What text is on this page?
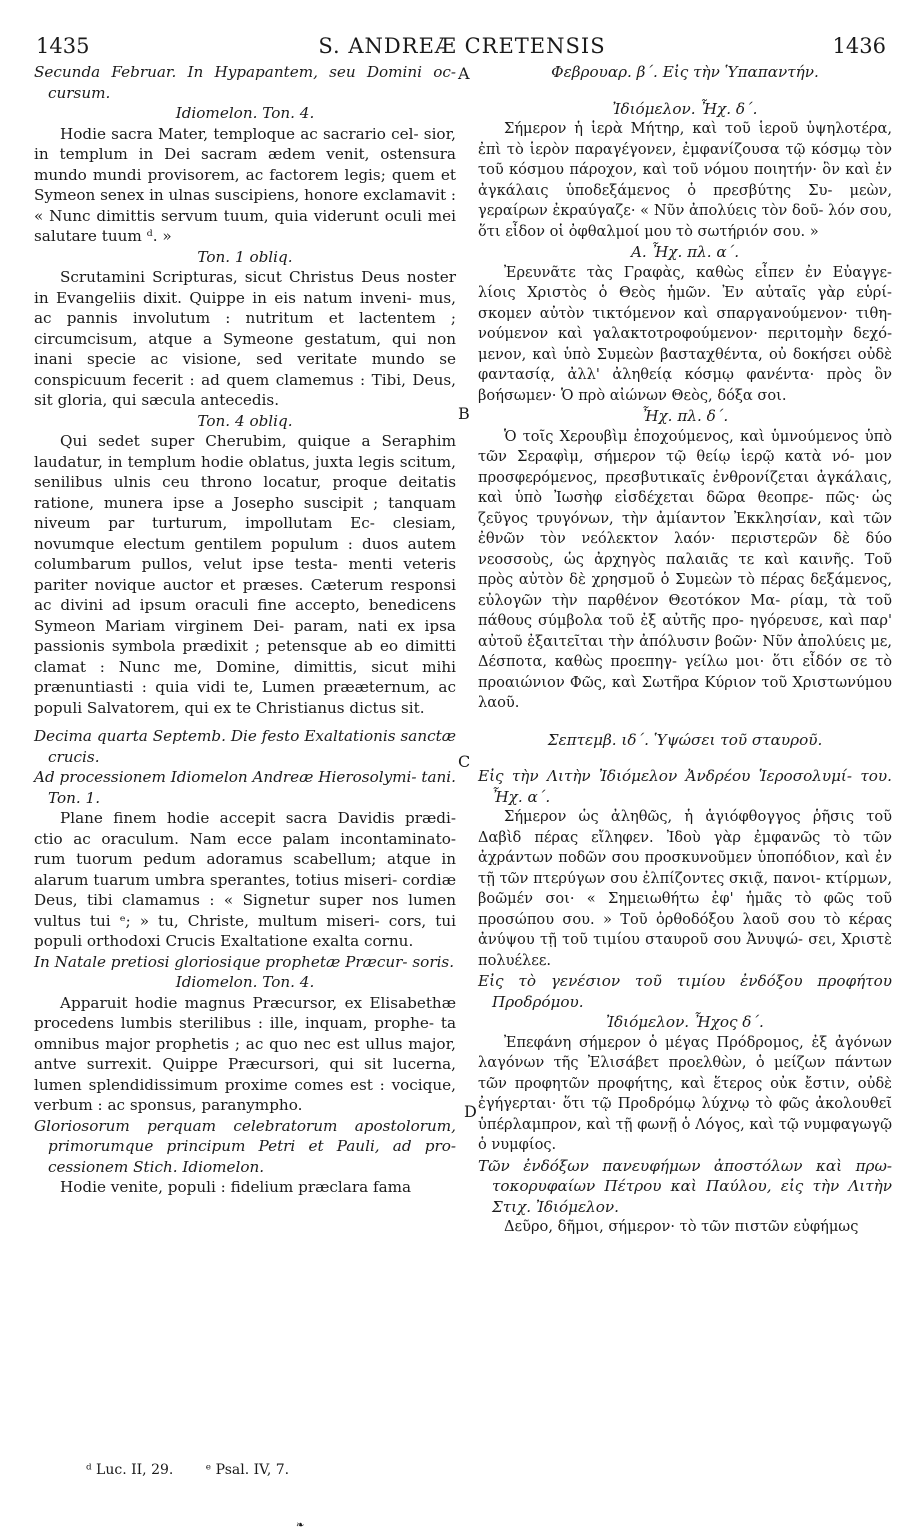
1435	S. ANDREÆ CRETENSIS	1436

Secunda Februar. In Hypapantem, seu Domini oc- cursum.

Idiomelon. Ton. 4.

Hodie sacra Mater, temploque ac sacrario cel- sior, in templum in Dei sacram ædem venit, ostensura mundo mundi provisorem, ac factorem legis; quem et Symeon senex in ulnas suscipiens, honore exclamavit : « Nunc dimittis servum tuum, quia viderunt oculi mei salutare tuum ᵈ. »

Ton. 1 obliq.

Scrutamini Scripturas, sicut Christus Deus noster in Evangeliis dixit. Quippe in eis natum inveni- mus, ac pannis involutum : nutritum et lactentem ; circumcisum, atque a Symeone gestatum, qui non inani specie ac visione, sed veritate mundo se conspicuum fecerit : ad quem clamemus : Tibi, Deus, sit gloria, qui sæcula antecedis.

Ton. 4 obliq.

Qui sedet super Cherubim, quique a Seraphim laudatur, in templum hodie oblatus, juxta legis scitum, senilibus ulnis ceu throno locatur, proque deitatis ratione, munera ipse a Josepho suscipit ; tanquam niveum par turturum, impollutam Ec- clesiam, novumque electum gentilem populum : duos autem columbarum pullos, velut ipse testa- menti veteris pariter novique auctor et præses. Cæterum responsi ac divini ad ipsum oraculi fine accepto, benedicens Symeon Mariam virginem Dei- param, nati ex ipsa passionis symbola prædixit ; petensque ab eo dimitti clamat : Nunc me, Domine, dimittis, sicut mihi prænuntiasti : quia vidi te, Lumen prææternum, ac populi Salvatorem, qui ex te Christianus dictus sit.

Decima quarta Septemb. Die festo Exaltationis sanctæ crucis.

Ad processionem Idiomelon Andreæ Hierosolymi- tani. Ton. 1.

Plane finem hodie accepit sacra Davidis prædi- ctio ac oraculum. Nam ecce palam incontaminato- rum tuorum pedum adoramus scabellum; atque in alarum tuarum umbra sperantes, totius miseri- cordiæ Deus, tibi clamamus : « Signetur super nos lumen vultus tui ᵉ; » tu, Christe, multum miseri- cors, tui populi orthodoxi Crucis Exaltatione exalta cornu.

In Natale pretiosi gloriosique prophetæ Præcur- soris.

Idiomelon. Ton. 4.

Apparuit hodie magnus Præcursor, ex Elisabethæ procedens lumbis sterilibus : ille, inquam, prophe- ta omnibus major prophetis ; ac quo nec est ullus major, antve surrexit. Quippe Præcursori, qui sit lucerna, lumen splendidissimum proxime comes est : vocique, verbum : ac sponsus, paranympho.

Gloriosorum perquam celebratorum apostolorum, primorumque principum Petri et Pauli, ad pro- cessionem Stich. Idiomelon.

Hodie venite, populi : fidelium præclara fama

Φεβρουαρ. β΄. Εἰς τὴν Ὑπαπαντήν.

Ἰδιόμελον. Ἦχ. δ΄.

Σήμερον ἡ ἱερὰ Μήτηρ, καὶ τοῦ ἱεροῦ ὑψηλοτέρα, ἐπὶ τὸ ἱερὸν παραγέγονεν, ἐμφανίζουσα τῷ κόσμῳ τὸν τοῦ κόσμου πάροχον, καὶ τοῦ νόμου ποιητήν· ὃν καὶ ἐν ἀγκάλαις ὑποδεξάμενος ὁ πρεσβύτης Συ- μεὼν, γεραίρων ἐκραύγαζε· « Νῦν ἀπολύεις τὸν δοῦ- λόν σου, ὅτι εἶδον οἱ ὀφθαλμοί μου τὸ σωτήριόν σου. »

Α. Ἦχ. πλ. α΄.

Ἐρευνᾶτε τὰς Γραφὰς, καθὼς εἶπεν ἐν Εὐαγγε- λίοις Χριστὸς ὁ Θεὸς ἡμῶν. Ἐν αὐταῖς γὰρ εὑρί- σκομεν αὐτὸν τικτόμενον καὶ σπαργανούμενον· τιθη- νούμενον καὶ γαλακτοτροφούμενον· περιτομὴν δεχό- μενον, καὶ ὑπὸ Συμεὼν βασταχθέντα, οὐ δοκήσει οὐδὲ φαντασίᾳ, ἀλλ' ἀληθείᾳ κόσμῳ φανέντα· πρὸς ὃν βοήσωμεν· Ὁ πρὸ αἰώνων Θεὸς, δόξα σοι.

Ἦχ. πλ. δ΄.

Ὁ τοῖς Χερουβὶμ ἐποχούμενος, καὶ ὑμνούμενος ὑπὸ τῶν Σεραφὶμ, σήμερον τῷ θείῳ ἱερῷ κατὰ νό- μον προσφερόμενος, πρεσβυτικαῖς ἐνθρονίζεται ἀγκάλαις, καὶ ὑπὸ Ἰωσὴφ εἰσδέχεται δῶρα θεοπρε- πῶς· ὡς ζεῦγος τρυγόνων, τὴν ἀμίαντον Ἐκκλησίαν, καὶ τῶν ἐθνῶν τὸν νεόλεκτον λαόν· περιστερῶν δὲ δύο νεοσσοὺς, ὡς ἀρχηγὸς παλαιᾶς τε καὶ καινῆς. Τοῦ πρὸς αὐτὸν δὲ χρησμοῦ ὁ Συμεὼν τὸ πέρας δεξάμενος, εὐλογῶν τὴν παρθένον Θεοτόκον Μα- ρίαμ, τὰ τοῦ πάθους σύμβολα τοῦ ἐξ αὐτῆς προ- ηγόρευσε, καὶ παρ' αὐτοῦ ἐξαιτεῖται τὴν ἀπόλυσιν βοῶν· Νῦν ἀπολύεις με, Δέσποτα, καθὼς προεπηγ- γείλω μοι· ὅτι εἶδόν σε τὸ προαιώνιον Φῶς, καὶ Σωτῆρα Κύριον τοῦ Χριστωνύμου λαοῦ.

Σεπτεμβ. ιδ΄. Ὑψώσει τοῦ σταυροῦ.

Εἰς τὴν Λιτὴν Ἰδιόμελον Ἀνδρέου Ἱεροσολυμί- του. Ἦχ. α΄.

Σήμερον ὡς ἀληθῶς, ἡ ἁγιόφθογγος ῥῆσις τοῦ Δαβὶδ πέρας εἴληφεν. Ἰδοὺ γὰρ ἐμφανῶς τὸ τῶν ἀχράντων ποδῶν σου προσκυνοῦμεν ὑποπόδιον, καὶ ἐν τῇ τῶν πτερύγων σου ἐλπίζοντες σκιᾷ, πανοι- κτίρμων, βοῶμέν σοι· « Σημειωθήτω ἐφ' ἡμᾶς τὸ φῶς τοῦ προσώπου σου. » Τοῦ ὀρθοδόξου λαοῦ σου τὸ κέρας ἀνύψου τῇ τοῦ τιμίου σταυροῦ σου Ἀνυψώ- σει, Χριστὲ πολυέλεε.

Εἰς τὸ γενέσιον τοῦ τιμίου ἐνδόξου προφήτου Προδρόμου.

Ἰδιόμελον. Ἦχος δ΄.

Ἐπεφάνη σήμερον ὁ μέγας Πρόδρομος, ἐξ ἀγόνων λαγόνων τῆς Ἐλισάβετ προελθὼν, ὁ μείζων πάντων τῶν προφητῶν προφήτης, καὶ ἕτερος οὐκ ἔστιν, οὐδὲ ἐγήγερται· ὅτι τῷ Προδρόμῳ λύχνῳ τὸ φῶς ἀκολουθεῖ ὑπέρλαμπρον, καὶ τῇ φωνῇ ὁ Λόγος, καὶ τῷ νυμφαγωγῷ ὁ νυμφίος.

Τῶν ἐνδόξων πανευφήμων ἀποστόλων καὶ πρω- τοκορυφαίων Πέτρου καὶ Παύλου, εἰς τὴν Λιτὴν Στιχ. Ἰδιόμελον.

Δεῦρο, δῆμοι, σήμερον· τὸ τῶν πιστῶν εὐφήμως

A
B
C
D
ᵈ Luc. II, 29. ᵉ Psal. IV, 7.
❧
